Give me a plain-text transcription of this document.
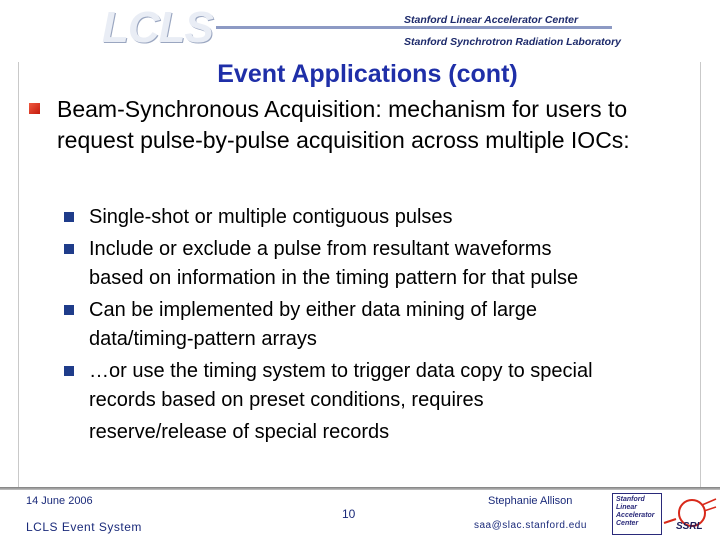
LCLS	Stanford Linear Accelerator Center
Stanford Synchrotron Radiation Laboratory
Event Applications (cont)
Beam-Synchronous Acquisition: mechanism for users to request pulse-by-pulse acquisition across multiple IOCs:
Single-shot or multiple contiguous pulses
Include or exclude a pulse from resultant waveforms
based on information in the timing pattern for that pulse
Can be implemented by either data mining of large
data/timing-pattern arrays
…or use the timing system to trigger data copy to special
records based on preset conditions, requires reserve/release of special records
14 June 2006
LCLS Event System
10
Stephanie Allison
saa@slac.stanford.edu
Stanford
Linear
Accelerator
Center	SSRL
